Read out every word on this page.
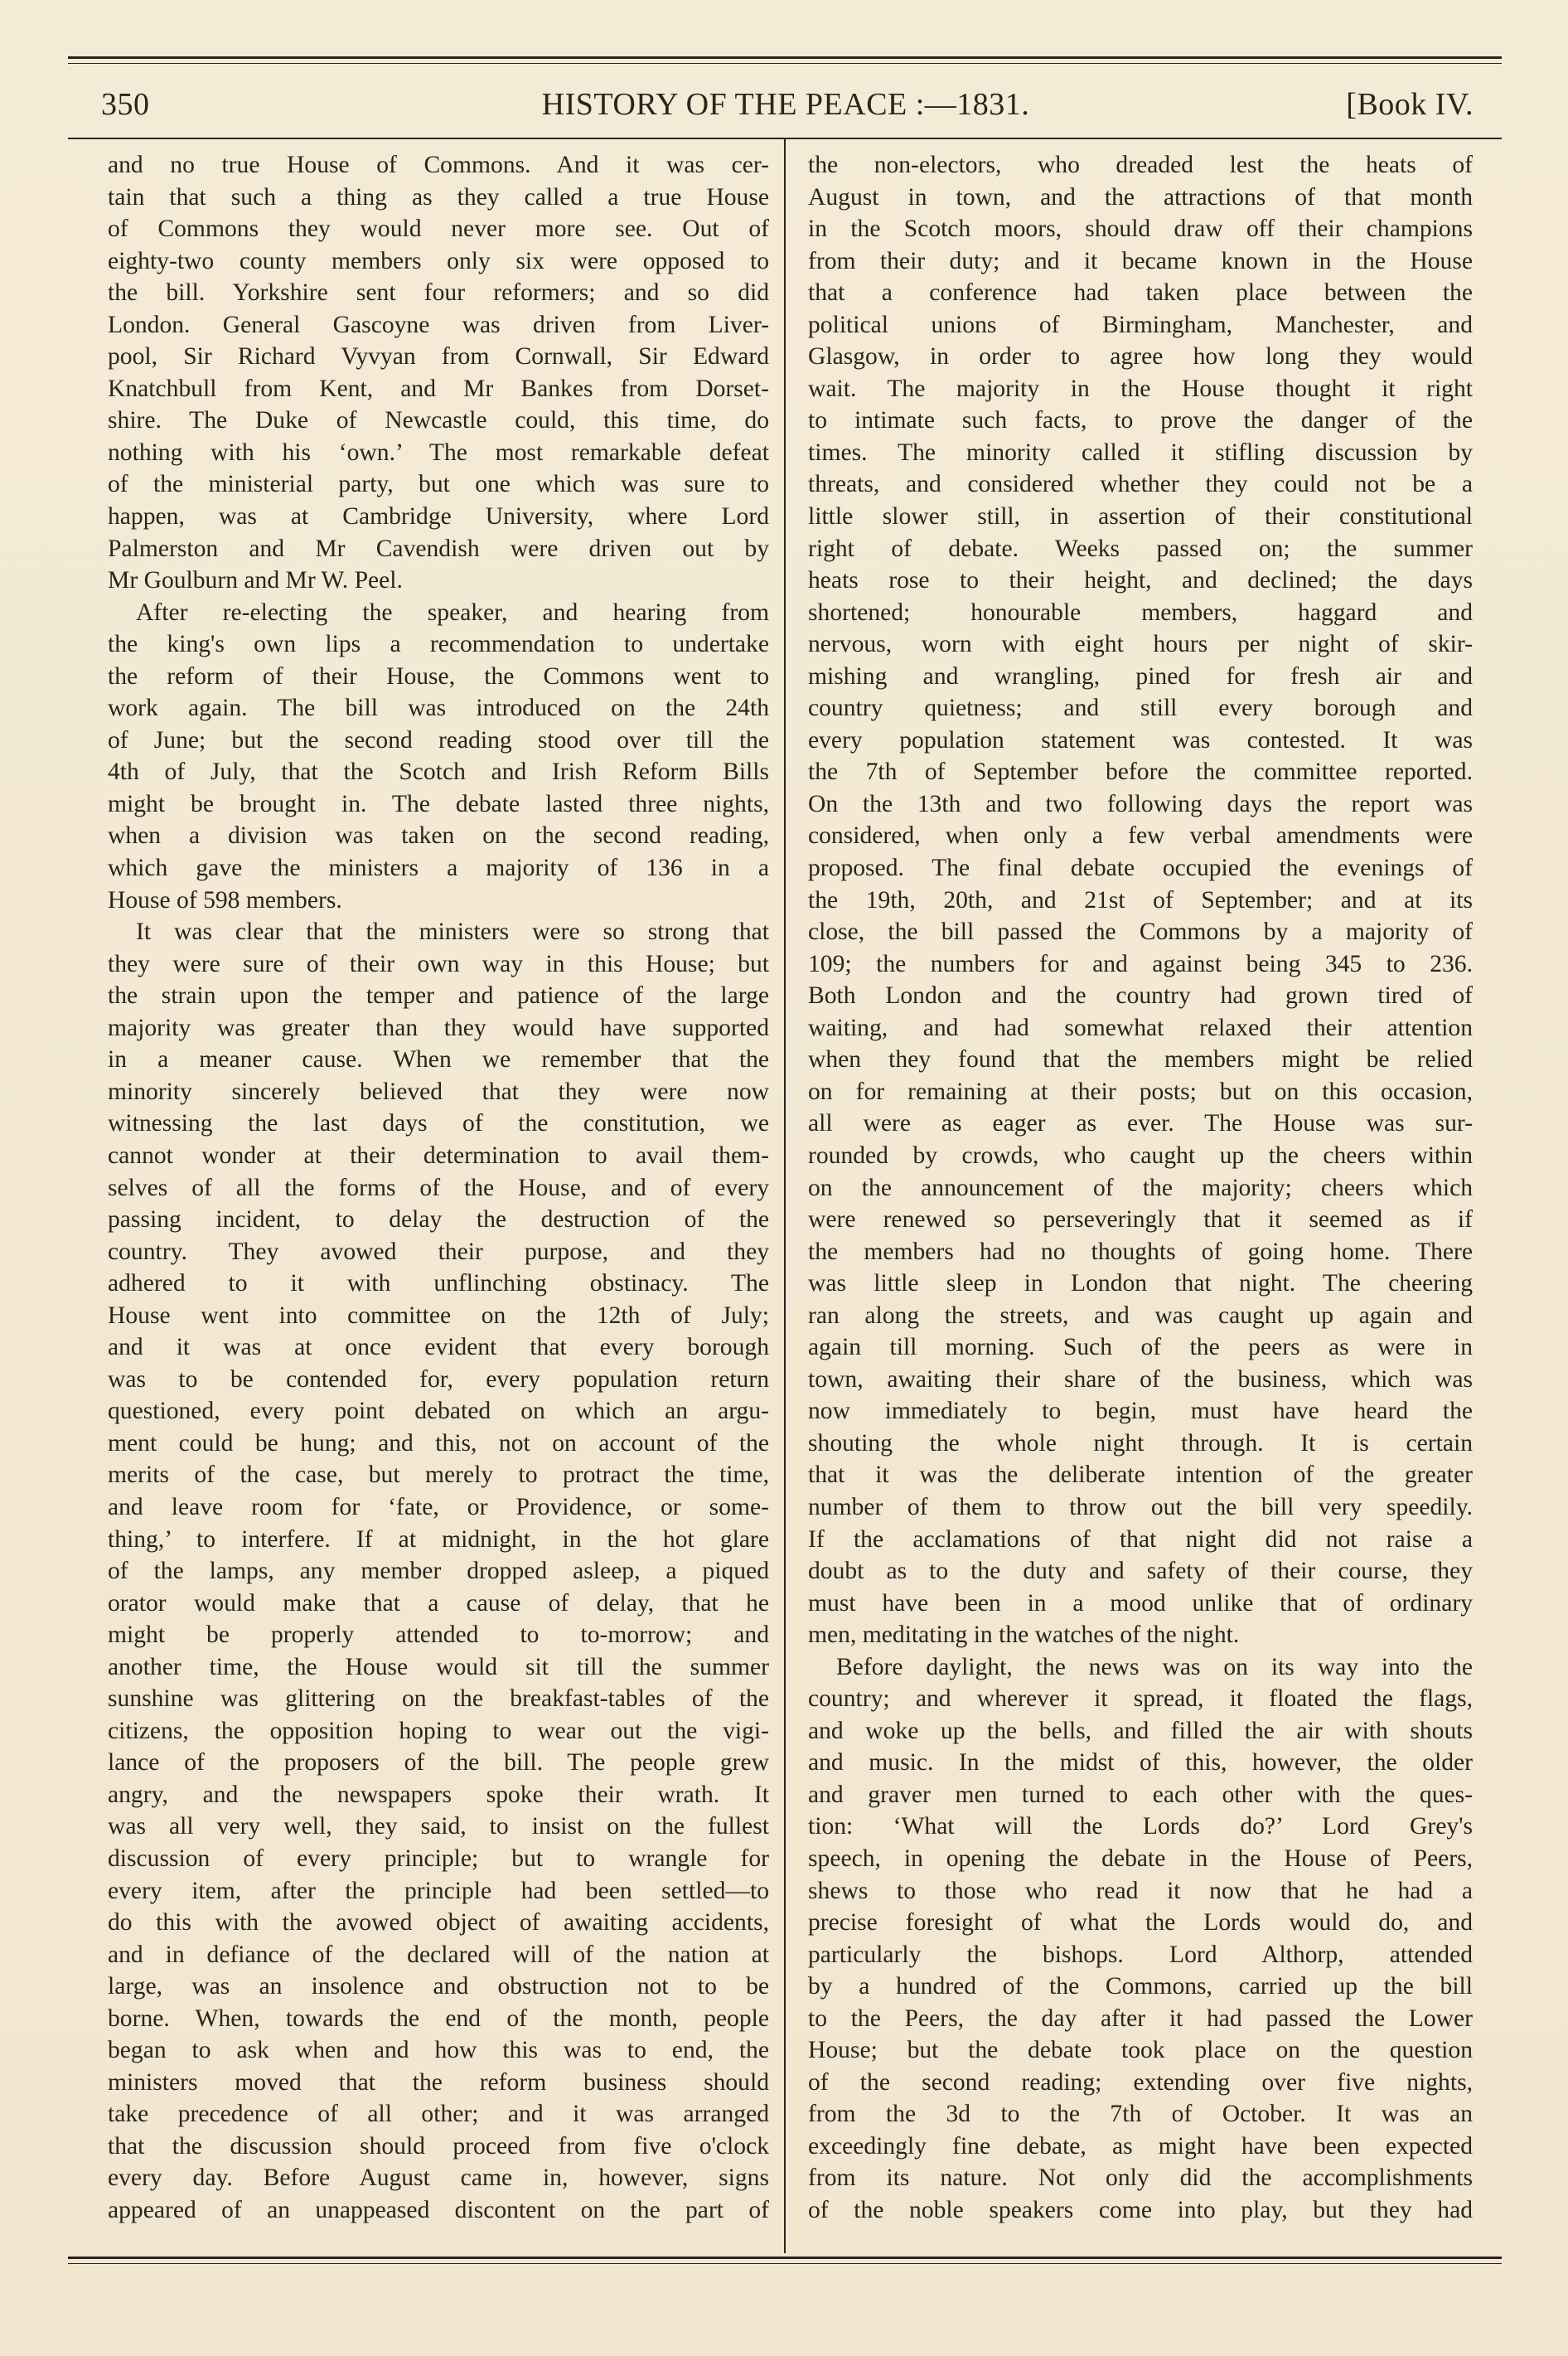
350	HISTORY OF THE PEACE :—1831.	[Book IV.
and no true House of Commons. And it was cer-
tain that such a thing as they called a true House
of Commons they would never more see. Out of
eighty-two county members only six were opposed to
the bill. Yorkshire sent four reformers; and so did
London. General Gascoyne was driven from Liver-
pool, Sir Richard Vyvyan from Cornwall, Sir Edward
Knatchbull from Kent, and Mr Bankes from Dorset-
shire. The Duke of Newcastle could, this time, do
nothing with his ‘own.’ The most remarkable defeat
of the ministerial party, but one which was sure to
happen, was at Cambridge University, where Lord
Palmerston and Mr Cavendish were driven out by
Mr Goulburn and Mr W. Peel.
After re-electing the speaker, and hearing from
the king's own lips a recommendation to undertake
the reform of their House, the Commons went to
work again. The bill was introduced on the 24th
of June; but the second reading stood over till the
4th of July, that the Scotch and Irish Reform Bills
might be brought in. The debate lasted three nights,
when a division was taken on the second reading,
which gave the ministers a majority of 136 in a
House of 598 members.
It was clear that the ministers were so strong that
they were sure of their own way in this House; but
the strain upon the temper and patience of the large
majority was greater than they would have supported
in a meaner cause. When we remember that the
minority sincerely believed that they were now
witnessing the last days of the constitution, we
cannot wonder at their determination to avail them-
selves of all the forms of the House, and of every
passing incident, to delay the destruction of the
country. They avowed their purpose, and they
adhered to it with unflinching obstinacy. The
House went into committee on the 12th of July;
and it was at once evident that every borough
was to be contended for, every population return
questioned, every point debated on which an argu-
ment could be hung; and this, not on account of the
merits of the case, but merely to protract the time,
and leave room for ‘fate, or Providence, or some-
thing,’ to interfere. If at midnight, in the hot glare
of the lamps, any member dropped asleep, a piqued
orator would make that a cause of delay, that he
might be properly attended to to-morrow; and
another time, the House would sit till the summer
sunshine was glittering on the breakfast-tables of the
citizens, the opposition hoping to wear out the vigi-
lance of the proposers of the bill. The people grew
angry, and the newspapers spoke their wrath. It
was all very well, they said, to insist on the fullest
discussion of every principle; but to wrangle for
every item, after the principle had been settled—to
do this with the avowed object of awaiting accidents,
and in defiance of the declared will of the nation at
large, was an insolence and obstruction not to be
borne. When, towards the end of the month, people
began to ask when and how this was to end, the
ministers moved that the reform business should
take precedence of all other; and it was arranged
that the discussion should proceed from five o'clock
every day. Before August came in, however, signs
appeared of an unappeased discontent on the part of
the non-electors, who dreaded lest the heats of
August in town, and the attractions of that month
in the Scotch moors, should draw off their champions
from their duty; and it became known in the House
that a conference had taken place between the
political unions of Birmingham, Manchester, and
Glasgow, in order to agree how long they would
wait. The majority in the House thought it right
to intimate such facts, to prove the danger of the
times. The minority called it stifling discussion by
threats, and considered whether they could not be a
little slower still, in assertion of their constitutional
right of debate. Weeks passed on; the summer
heats rose to their height, and declined; the days
shortened; honourable members, haggard and
nervous, worn with eight hours per night of skir-
mishing and wrangling, pined for fresh air and
country quietness; and still every borough and
every population statement was contested. It was
the 7th of September before the committee reported.
On the 13th and two following days the report was
considered, when only a few verbal amendments were
proposed. The final debate occupied the evenings of
the 19th, 20th, and 21st of September; and at its
close, the bill passed the Commons by a majority of
109; the numbers for and against being 345 to 236.
Both London and the country had grown tired of
waiting, and had somewhat relaxed their attention
when they found that the members might be relied
on for remaining at their posts; but on this occasion,
all were as eager as ever. The House was sur-
rounded by crowds, who caught up the cheers within
on the announcement of the majority; cheers which
were renewed so perseveringly that it seemed as if
the members had no thoughts of going home. There
was little sleep in London that night. The cheering
ran along the streets, and was caught up again and
again till morning. Such of the peers as were in
town, awaiting their share of the business, which was
now immediately to begin, must have heard the
shouting the whole night through. It is certain
that it was the deliberate intention of the greater
number of them to throw out the bill very speedily.
If the acclamations of that night did not raise a
doubt as to the duty and safety of their course, they
must have been in a mood unlike that of ordinary
men, meditating in the watches of the night.
Before daylight, the news was on its way into the
country; and wherever it spread, it floated the flags,
and woke up the bells, and filled the air with shouts
and music. In the midst of this, however, the older
and graver men turned to each other with the ques-
tion: ‘What will the Lords do?’ Lord Grey's
speech, in opening the debate in the House of Peers,
shews to those who read it now that he had a
precise foresight of what the Lords would do, and
particularly the bishops. Lord Althorp, attended
by a hundred of the Commons, carried up the bill
to the Peers, the day after it had passed the Lower
House; but the debate took place on the question
of the second reading; extending over five nights,
from the 3d to the 7th of October. It was an
exceedingly fine debate, as might have been expected
from its nature. Not only did the accomplishments
of the noble speakers come into play, but they had
